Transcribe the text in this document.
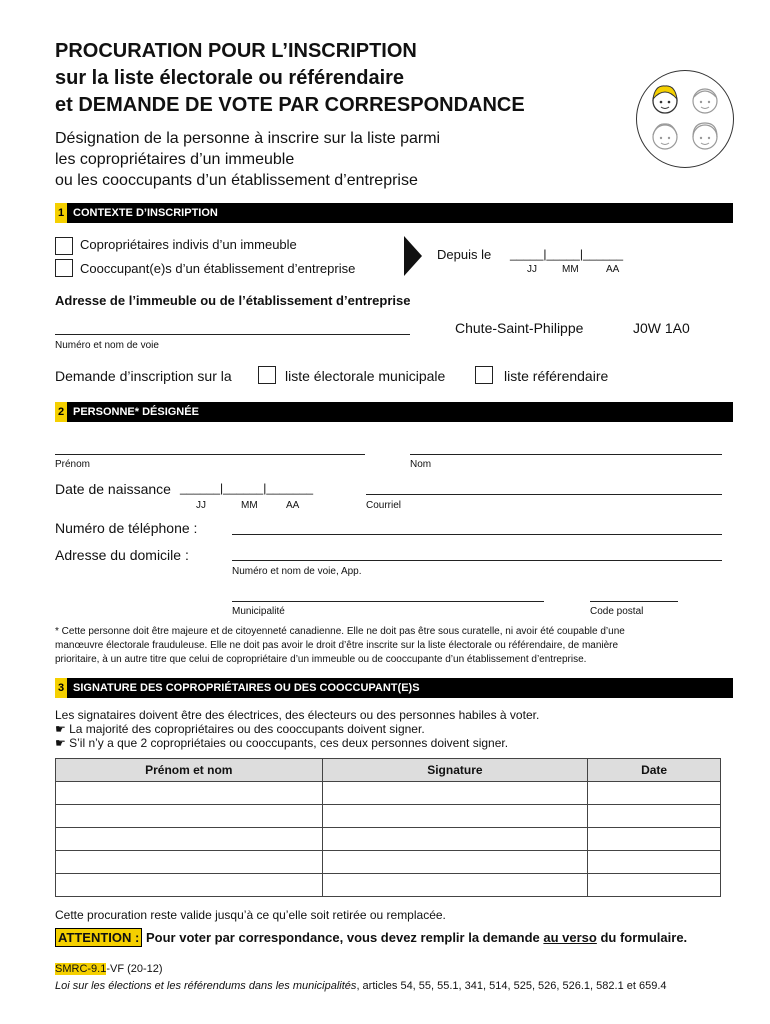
PROCURATION POUR L’INSCRIPTION
sur la liste électorale ou référendaire
et DEMANDE DE VOTE PAR CORRESPONDANCE
Désignation de la personne à inscrire sur la liste parmi
les copropriétaires d’un immeuble
ou les cooccupants d’un établissement d’entreprise
1 CONTEXTE D’INSCRIPTION
Copropriétaires indivis d’un immeuble
Cooccupant(e)s d’un établissement d’entreprise
Depuis le _____|_____|______
JJ	MM	AA
Adresse de l’immeuble ou de l’établissement d’entreprise
Chute-Saint-Philippe	J0W 1A0
Numéro et nom de voie
Demande d’inscription sur la	liste électorale municipale	liste référendaire
2 PERSONNE* DÉSIGNÉE
Prénom	Nom
Date de naissance ______|______|_______
JJ	MM	AA	Courriel
Numéro de téléphone :
Adresse du domicile :
Numéro et nom de voie, App.
Municipalité	Code postal
* Cette personne doit être majeure et de citoyenneté canadienne. Elle ne doit pas être sous curatelle, ni avoir été coupable d’une
manœuvre électorale frauduleuse. Elle ne doit pas avoir le droit d’être inscrite sur la liste électorale ou référendaire, de manière
prioritaire, à un autre titre que celui de copropriétaire d’un immeuble ou de cooccupante d’un établissement d’entreprise.
3 SIGNATURE DES COPROPRIÉTAIRES OU DES COOCCUPANT(E)S
Les signataires doivent être des électrices, des électeurs ou des personnes habiles à voter.
☛ La majorité des copropriétaires ou des cooccupants doivent signer.
☛ S’il n’y a que 2 copropriétaies ou cooccupants, ces deux personnes doivent signer.
Prénom et nom	Signature	Date

Cette procuration reste valide jusqu’à ce qu’elle soit retirée ou remplacée.
ATTENTION : Pour voter par correspondance, vous devez remplir la demande au verso du formulaire.
SMRC-9.1-VF (20-12)
Loi sur les élections et les référendums dans les municipalités, articles 54, 55, 55.1, 341, 514, 525, 526, 526.1, 582.1 et 659.4
